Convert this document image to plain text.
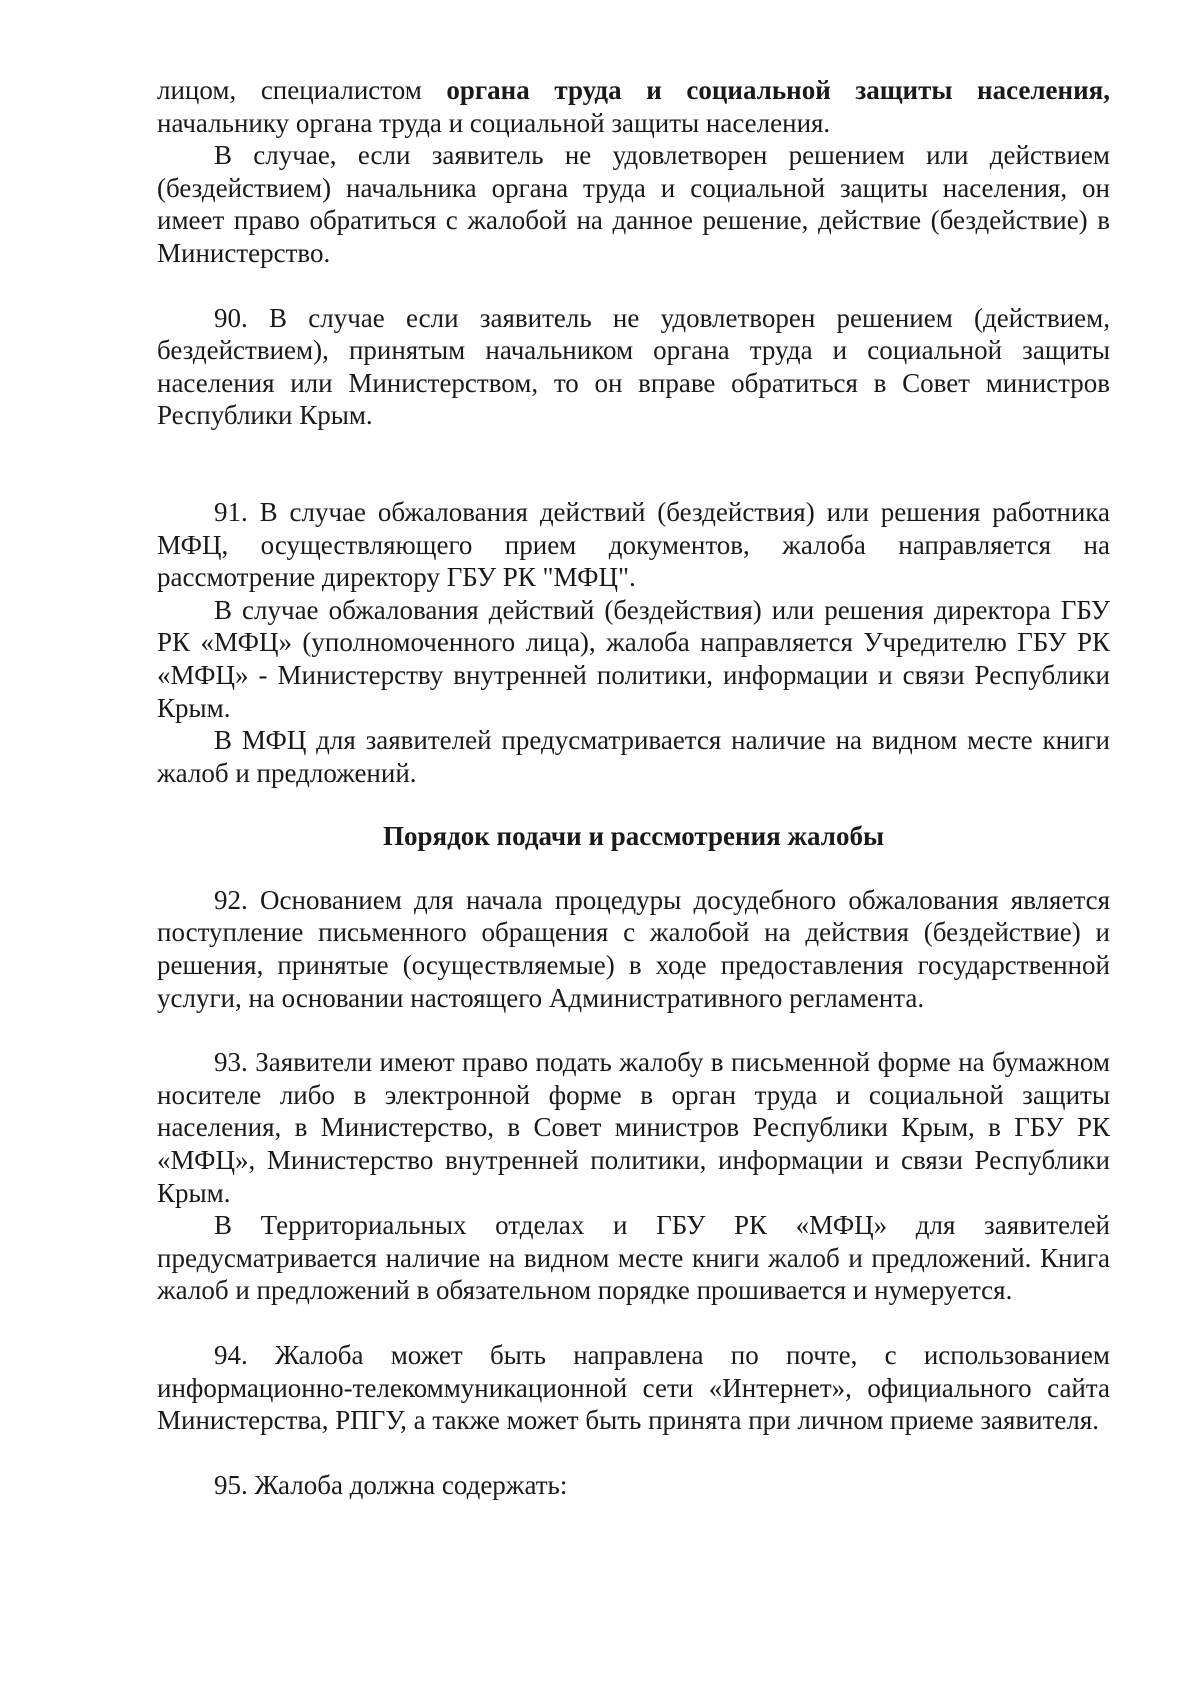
лицом, специалистом органа труда и социальной защиты населения, начальнику органа труда и социальной защиты населения.

В случае, если заявитель не удовлетворен решением или действием (бездействием) начальника органа труда и социальной защиты населения, он имеет право обратиться с жалобой на данное решение, действие (бездействие) в Министерство.

90. В случае если заявитель не удовлетворен решением (действием, бездействием), принятым начальником органа труда и социальной защиты населения или Министерством, то он вправе обратиться в Совет министров Республики Крым.

91. В случае обжалования действий (бездействия) или решения работника МФЦ, осуществляющего прием документов, жалоба направляется на рассмотрение директору ГБУ РК "МФЦ".

В случае обжалования действий (бездействия) или решения директора ГБУ РК «МФЦ» (уполномоченного лица), жалоба направляется Учредителю ГБУ РК «МФЦ» - Министерству внутренней политики, информации и связи Республики Крым.

В МФЦ для заявителей предусматривается наличие на видном месте книги жалоб и предложений.

Порядок подачи и рассмотрения жалобы

92. Основанием для начала процедуры досудебного обжалования является поступление письменного обращения с жалобой на действия (бездействие) и решения, принятые (осуществляемые) в ходе предоставления государственной услуги, на основании настоящего Административного регламента.

93. Заявители имеют право подать жалобу в письменной форме на бумажном носителе либо в электронной форме в орган труда и социальной защиты населения, в Министерство, в Совет министров Республики Крым, в ГБУ РК «МФЦ», Министерство внутренней политики, информации и связи Республики Крым.

В Территориальных отделах и ГБУ РК «МФЦ» для заявителей предусматривается наличие на видном месте книги жалоб и предложений. Книга жалоб и предложений в обязательном порядке прошивается и нумеруется.

94. Жалоба может быть направлена по почте, с использованием информационно-телекоммуникационной сети «Интернет», официального сайта Министерства, РПГУ, а также может быть принята при личном приеме заявителя.

95. Жалоба должна содержать:
